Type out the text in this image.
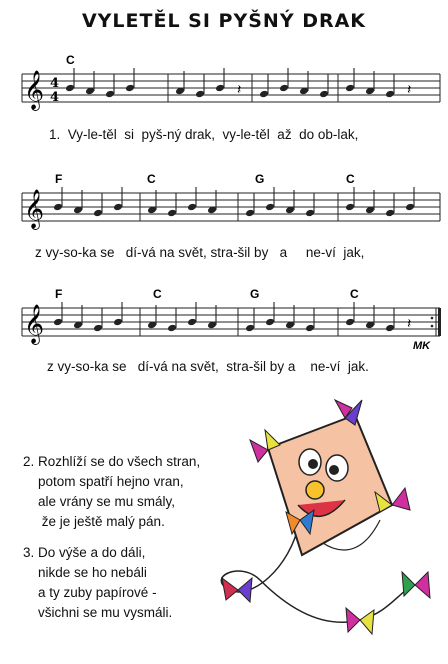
VYLETĚL SI PYŠNÝ DRAK
𝄞 4
4
C
𝄽	𝄽
𝄞
F	C	G	C
𝄞
F	C	G	C
𝄽
MK
1.  Vy-le-těl  si  pyš-ný drak,  vy-le-těl  až  do ob-lak,
z vy-so-ka se   dí-vá na svět, stra-šil by   a     ne-ví  jak,
z vy-so-ka se   dí-vá na svět,  stra-šil by a    ne-ví  jak.
2. Rozhlíží se do všech stran,
potom spatří hejno vran,
ale vrány se mu smály,
že je ještě malý pán.
3. Do výše a do dáli,
nikde se ho nebáli
a ty zuby papírové -
všichni se mu vysmáli.
